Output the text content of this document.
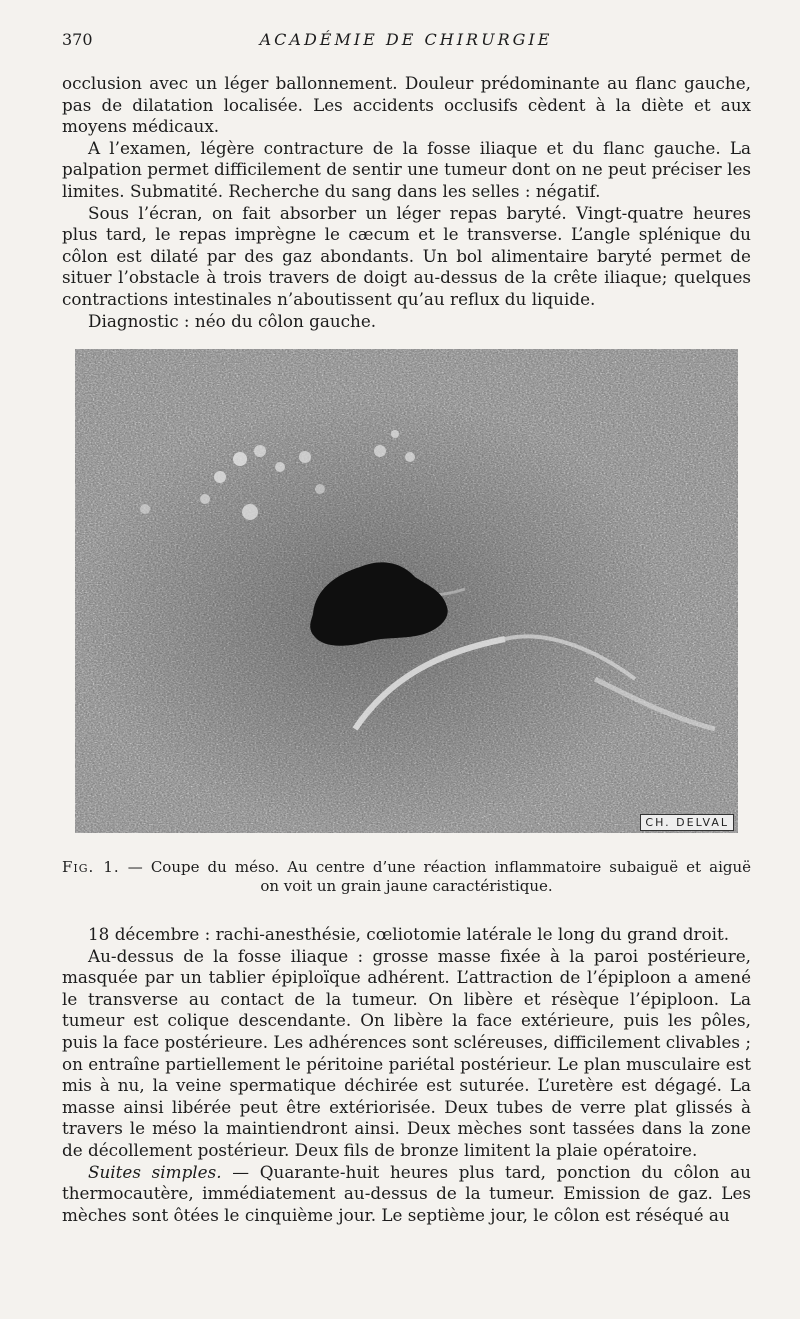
370	ACADÉMIE DE CHIRURGIE

occlusion avec un léger ballonnement. Douleur prédominante au flanc gauche, pas de dilatation localisée. Les accidents occlusifs cèdent à la diète et aux moyens médicaux.

A l’examen, légère contracture de la fosse iliaque et du flanc gauche. La palpation permet difficilement de sentir une tumeur dont on ne peut préciser les limites. Submatité. Recherche du sang dans les selles : négatif.

Sous l’écran, on fait absorber un léger repas baryté. Vingt-quatre heures plus tard, le repas imprègne le cæcum et le transverse. L’angle splénique du côlon est dilaté par des gaz abondants. Un bol alimentaire baryté permet de situer l’obstacle à trois travers de doigt au-dessus de la crête iliaque; quelques contractions intestinales n’aboutissent qu’au reflux du liquide.

Diagnostic : néo du côlon gauche.

CH. DELVAL
Fig. 1. — Coupe du méso. Au centre d’une réaction inflammatoire subaiguë et aiguë
on voit un grain jaune caractéristique.

18 décembre : rachi-anesthésie, cœliotomie latérale le long du grand droit.

Au-dessus de la fosse iliaque : grosse masse fixée à la paroi postérieure, masquée par un tablier épiploïque adhérent. L’attraction de l’épiploon a amené le transverse au contact de la tumeur. On libère et résèque l’épiploon. La tumeur est colique descendante. On libère la face extérieure, puis les pôles, puis la face postérieure. Les adhérences sont scléreuses, difficilement clivables ; on entraîne partiellement le péritoine pariétal postérieur. Le plan musculaire est mis à nu, la veine spermatique déchirée est suturée. L’uretère est dégagé. La masse ainsi libérée peut être extériorisée. Deux tubes de verre plat glissés à travers le méso la maintiendront ainsi. Deux mèches sont tassées dans la zone de décollement postérieur. Deux fils de bronze limitent la plaie opératoire.

Suites simples. — Quarante-huit heures plus tard, ponction du côlon au thermocautère, immédiatement au-dessus de la tumeur. Emission de gaz. Les mèches sont ôtées le cinquième jour. Le septième jour, le côlon est réséqué au
